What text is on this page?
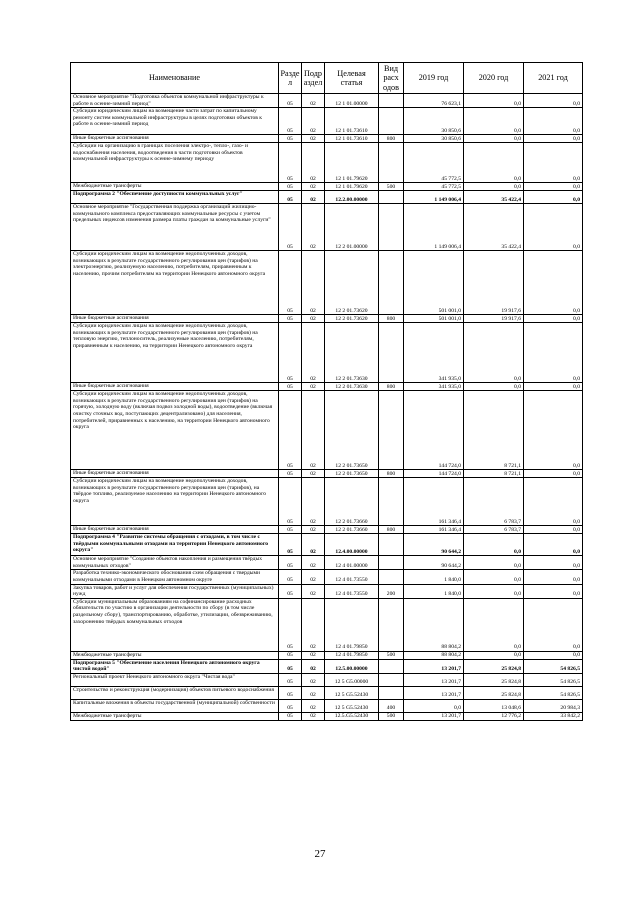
Наименование	Разде л	Подр аздел	Целевая статья	Вид расх одов	2019 год	2020 год	2021 год
Основное мероприятие "Подготовка объектов коммунальной инфраструктуры к работе в осенне-зимний период"	05	02	12 1 01.00000		76 623,1	0,0	0,0
Субсидии юридическим лицам на возмещение части затрат по капитальному ремонту систем коммунальной инфраструктуры в целях подготовки объектов к работе в осенне-зимний период	05	02	12 1 01.73610		30 850,6	0,0	0,0
Иные бюджетные ассигнования	05	02	12 1 01.73610	800	30 850,6	0,0	0,0
Субсидии на организацию в границах поселения электро-, тепло-, газо- и водоснабжения населения, водоотведения в части подготовки объектов коммунальной инфраструктуры к осенне-зимнему периоду	05	02	12 1 01.79620		45 772,5	0,0	0,0
Межбюджетные трансферты	05	02	12 1 01.79620	500	45 772,5	0,0	0,0
Подпрограмма 2 "Обеспечение доступности коммунальных услуг"	05	02	12.2.00.00000		1 149 006,4	35 422,4	0,0
Основное мероприятие "Государственная поддержка организаций жилищно-коммунального комплекса предоставляющих коммунальные ресурсы с учетом предельных индексов изменения размера платы граждан за коммунальные услуги"	05	02	12 2 01.00000		1 149 006,4	35 422,4	0,0
Субсидии юридическим лицам на возмещение недополученных доходов, возникающих в результате государственного регулирования цен (тарифов) на электроэнергию, реализуемую населению, потребителям, приравненным к населению, прочим потребителям на территории Ненецкого автономного округа	05	02	12 2 01.73620		501 001,0	19 917,6	0,0
Иные бюджетные ассигнования	05	02	12 2 01.73620	800	501 001,0	19 917,6	0,0
Субсидии юридическим лицам на возмещение недополученных доходов, возникающих в результате государственного регулирования цен (тарифов) на тепловую энергию, теплоноситель, реализуемые населению, потребителям, приравненным к населению, на территории Ненецкого автономного округа	05	02	12 2 01.73630		341 935,0	0,0	0,0
Иные бюджетные ассигнования	05	02	12 2 01.73630	800	341 935,0	0,0	0,0
Субсидии юридическим лицам на возмещение недополученных доходов, возникающих в результате государственного регулирования цен (тарифов) на горячую, холодную воду (включая подвоз холодной воды), водоотведение (включая очистку сточных вод, поступающих децентрализовано) для населения, потребителей, приравненных к населению, на территории Ненецкого автономного округа	05	02	12 2 01.73650		144 724,0	8 721,1	0,0
Иные бюджетные ассигнования	05	02	12 2 01.73650	800	144 724,0	8 721,1	0,0
Субсидии юридическим лицам на возмещение недополученных доходов, возникающих в результате государственного регулирования цен (тарифов), на твёрдое топливо, реализуемое населению на территории Ненецкого автономного округа	05	02	12 2 01.73660		161 346,4	6 783,7	0,0
Иные бюджетные ассигнования	05	02	12 2 01.73660	800	161 346,4	6 783,7	0,0
Подпрограмма 4 "Развитие системы обращения с отходами, в том числе с твёрдыми коммунальными отходами на территории Ненецкого автономного округа"	05	02	12.4.00.00000		90 644,2	0,0	0,0
Основное мероприятие "Создание объектов накопления и размещения твёрдых коммунальных отходов"	05	02	12 4 01.00000		90 644,2	0,0	0,0
Разработка технико-экономического обоснования схем обращения с твердыми коммунальными отходами в Ненецком автономном округе	05	02	12 4 01.73550		1 840,0	0,0	0,0
Закупка товаров, работ и услуг для обеспечения государственных (муниципальных) нужд	05	02	12 4 01.73550	200	1 840,0	0,0	0,0
Субсидии муниципальным образованиям на софинансирование расходных обязательств по участию в организации деятельности по сбору (в том числе раздельному сбору), транспортированию, обработке, утилизации, обезвреживанию, захоронению твёрдых коммунальных отходов	05	02	12 4 01.79850		88 804,2	0,0	0,0
Межбюджетные трансферты	05	02	12 4 01.79850	500	88 804,2	0,0	0,0
Подпрограмма 5 "Обеспечение населения Ненецкого автономного округа чистой водой"	05	02	12.5.00.00000		13 201,7	25 824,8	54 826,5
Региональный проект Ненецкого автономного округа "Чистая вода"	05	02	12 5 G5.00000		13 201,7	25 824,8	54 826,5
Строительство и реконструкция (модернизация) объектов питьевого водоснабжения	05	02	12 5 G5.52430		13 201,7	25 824,8	54 826,5
Капитальные вложения в объекты государственной (муниципальной) собственности	05	02	12 5 G5.52430	400	0,0	13 048,6	20 984,3
Межбюджетные трансферты	05	02	12.5.G5.52430	500	13 201,7	12 776,2	33 842,2
27
